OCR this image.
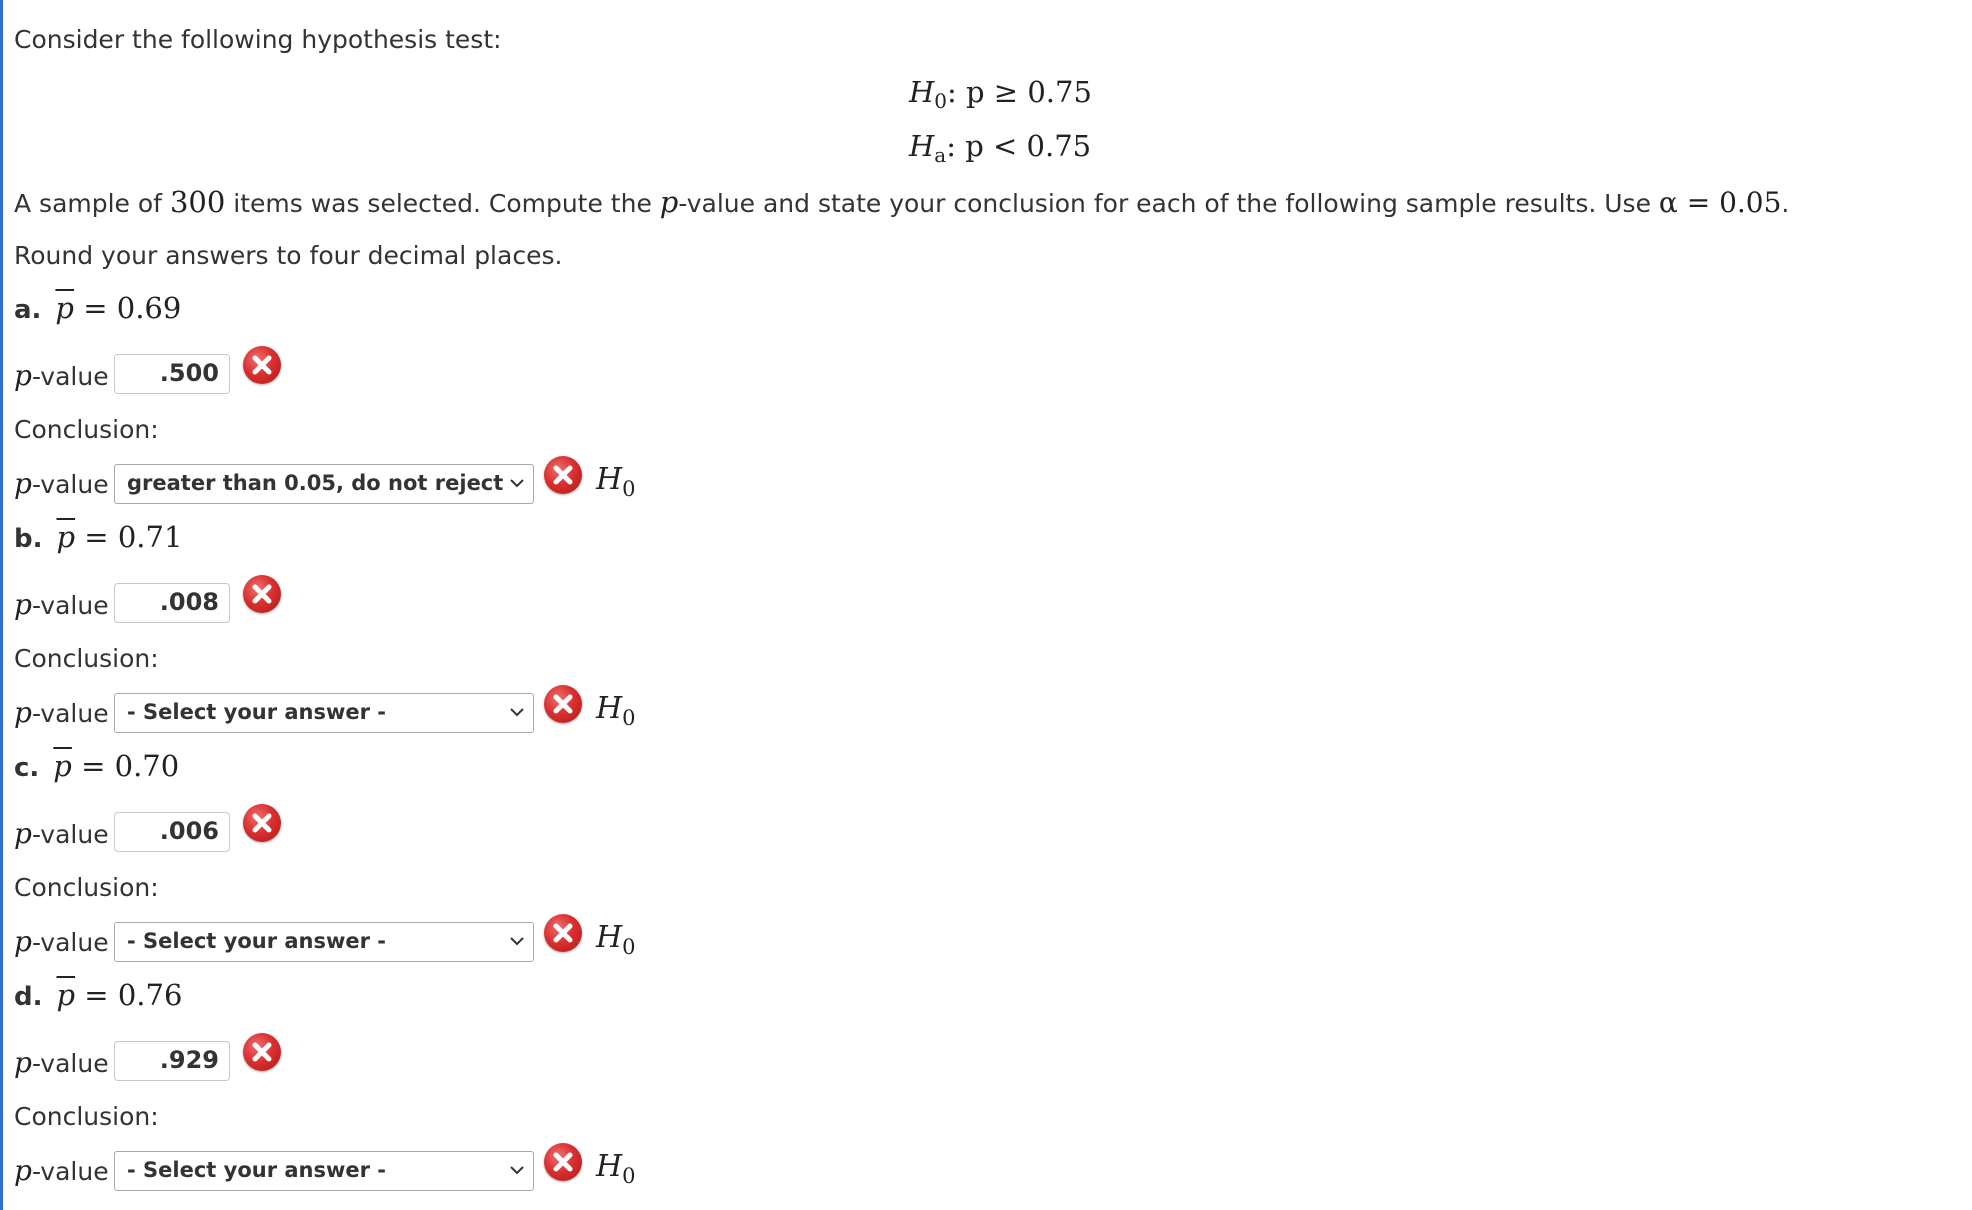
Consider the following hypothesis test:
$H_0$: p ≥ 0.75
$H_a$: p < 0.75
A sample of 300 items was selected. Compute the p-value and state your conclusion for each of the following sample results. Use α = 0.05.
Round your answers to four decimal places.
a. $\overline{p} = 0.69$
p-value	.500
Conclusion:
p-value greater than 0.05, do not reject	$H_0$
b. $\overline{p} = 0.71$
p-value	.008
Conclusion:
p-value - Select your answer -	$H_0$
c. $\overline{p} = 0.70$
p-value	.006
Conclusion:
p-value - Select your answer -	$H_0$
d. $\overline{p} = 0.76$
p-value	.929
Conclusion:
p-value - Select your answer -	$H_0$
